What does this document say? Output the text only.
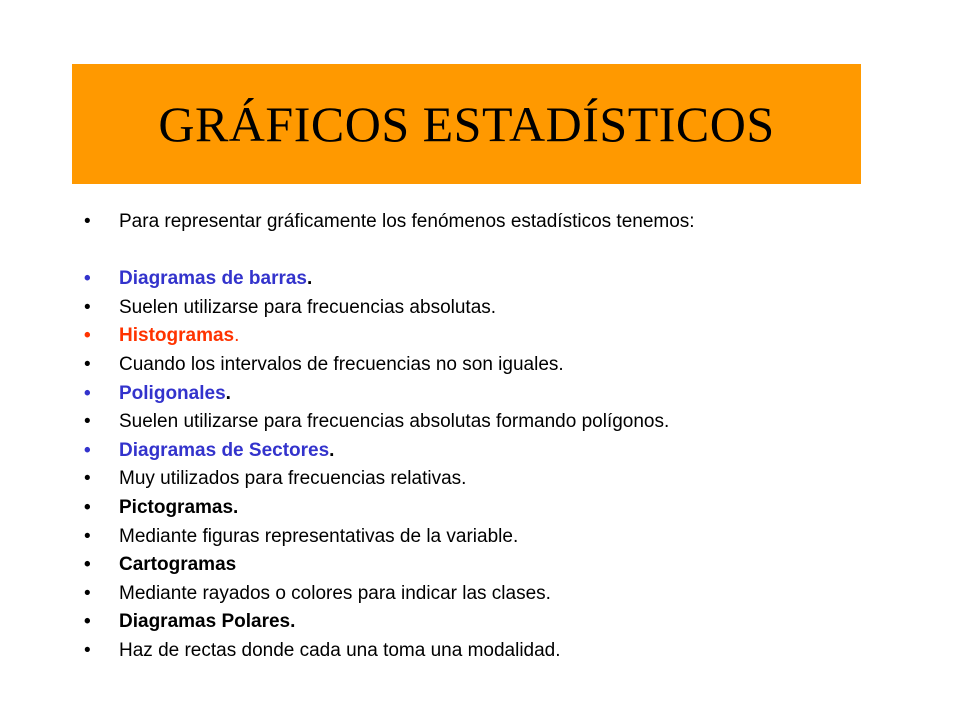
GRÁFICOS ESTADÍSTICOS
• Para representar gráficamente los fenómenos estadísticos tenemos:
• Diagramas de barras.
• Suelen utilizarse para frecuencias absolutas.
• Histogramas.
• Cuando los intervalos de frecuencias no son iguales.
• Poligonales.
• Suelen utilizarse para frecuencias absolutas formando polígonos.
• Diagramas de Sectores.
• Muy utilizados para frecuencias relativas.
• Pictogramas.
• Mediante figuras representativas de la variable.
• Cartogramas
• Mediante rayados o colores para indicar las clases.
• Diagramas Polares.
• Haz de rectas donde cada una toma una modalidad.
